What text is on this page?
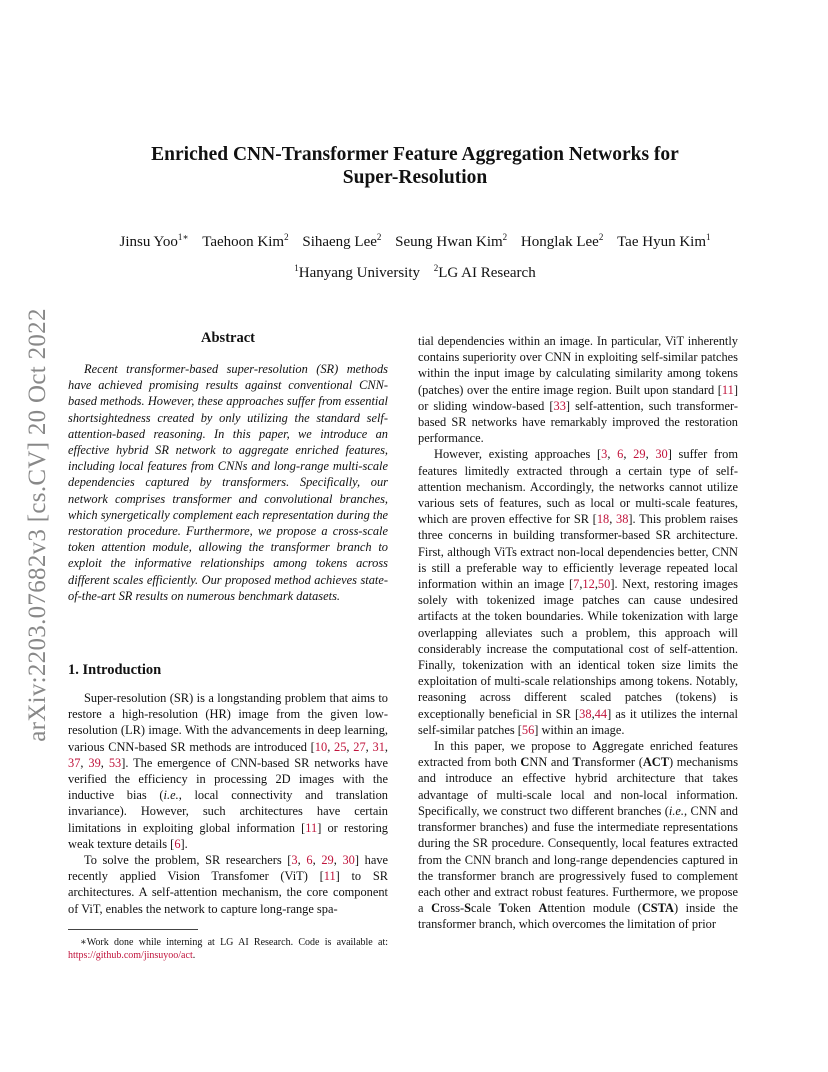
arXiv:2203.07682v3 [cs.CV] 20 Oct 2022
Enriched CNN-Transformer Feature Aggregation Networks for
Super-Resolution
Jinsu Yoo$^{1∗}$ Taehoon Kim$^2$ Sihaeng Lee$^2$ Seung Hwan Kim$^2$ Honglak Lee$^2$ Tae Hyun Kim$^1$
$^1$Hanyang University $^2$LG AI Research
Abstract

Recent transformer-based super-resolution (SR) methods have achieved promising results against conventional CNN-based methods. However, these approaches suffer from essential shortsightedness created by only utilizing the standard self-attention-based reasoning. In this paper, we introduce an effective hybrid SR network to aggregate enriched features, including local features from CNNs and long-range multi-scale dependencies captured by transformers. Specifically, our network comprises transformer and convolutional branches, which synergetically complement each representation during the restoration procedure. Furthermore, we propose a cross-scale token attention module, allowing the transformer branch to exploit the informative relationships among tokens across different scales efficiently. Our proposed method achieves state-of-the-art SR results on numerous benchmark datasets.

1. Introduction

Super-resolution (SR) is a longstanding problem that aims to restore a high-resolution (HR) image from the given low-resolution (LR) image. With the advancements in deep learning, various CNN-based SR methods are introduced [10, 25, 27, 31, 37, 39, 53]. The emergence of CNN-based SR networks have verified the efficiency in processing 2D images with the inductive bias (i.e., local connectivity and translation invariance). However, such architectures have certain limitations in exploiting global information [11] or restoring weak texture details [6].

To solve the problem, SR researchers [3, 6, 29, 30] have recently applied Vision Transfomer (ViT) [11] to SR architectures. A self-attention mechanism, the core component of ViT, enables the network to capture long-range spa-

∗Work done while interning at LG AI Research. Code is available at: https://github.com/jinsuyoo/act.

tial dependencies within an image. In particular, ViT inherently contains superiority over CNN in exploiting self-similar patches within the input image by calculating similarity among tokens (patches) over the entire image region. Built upon standard [11] or sliding window-based [33] self-attention, such transformer-based SR networks have remarkably improved the restoration performance.

However, existing approaches [3, 6, 29, 30] suffer from features limitedly extracted through a certain type of self-attention mechanism. Accordingly, the networks cannot utilize various sets of features, such as local or multi-scale features, which are proven effective for SR [18, 38]. This problem raises three concerns in building transformer-based SR architecture. First, although ViTs extract non-local dependencies better, CNN is still a preferable way to efficiently leverage repeated local information within an image [7,12,50]. Next, restoring images solely with tokenized image patches can cause undesired artifacts at the token boundaries. While tokenization with large overlapping alleviates such a problem, this approach will considerably increase the computational cost of self-attention. Finally, tokenization with an identical token size limits the exploitation of multi-scale relationships among tokens. Notably, reasoning across different scaled patches (tokens) is exceptionally beneficial in SR [38,44] as it utilizes the internal self-similar patches [56] within an image.

In this paper, we propose to Aggregate enriched features extracted from both CNN and Transformer (ACT) mechanisms and introduce an effective hybrid architecture that takes advantage of multi-scale local and non-local information. Specifically, we construct two different branches (i.e., CNN and transformer branches) and fuse the intermediate representations during the SR procedure. Consequently, local features extracted from the CNN branch and long-range dependencies captured in the transformer branch are progressively fused to complement each other and extract robust features. Furthermore, we propose a Cross-Scale Token Attention module (CSTA) inside the transformer branch, which overcomes the limitation of prior
